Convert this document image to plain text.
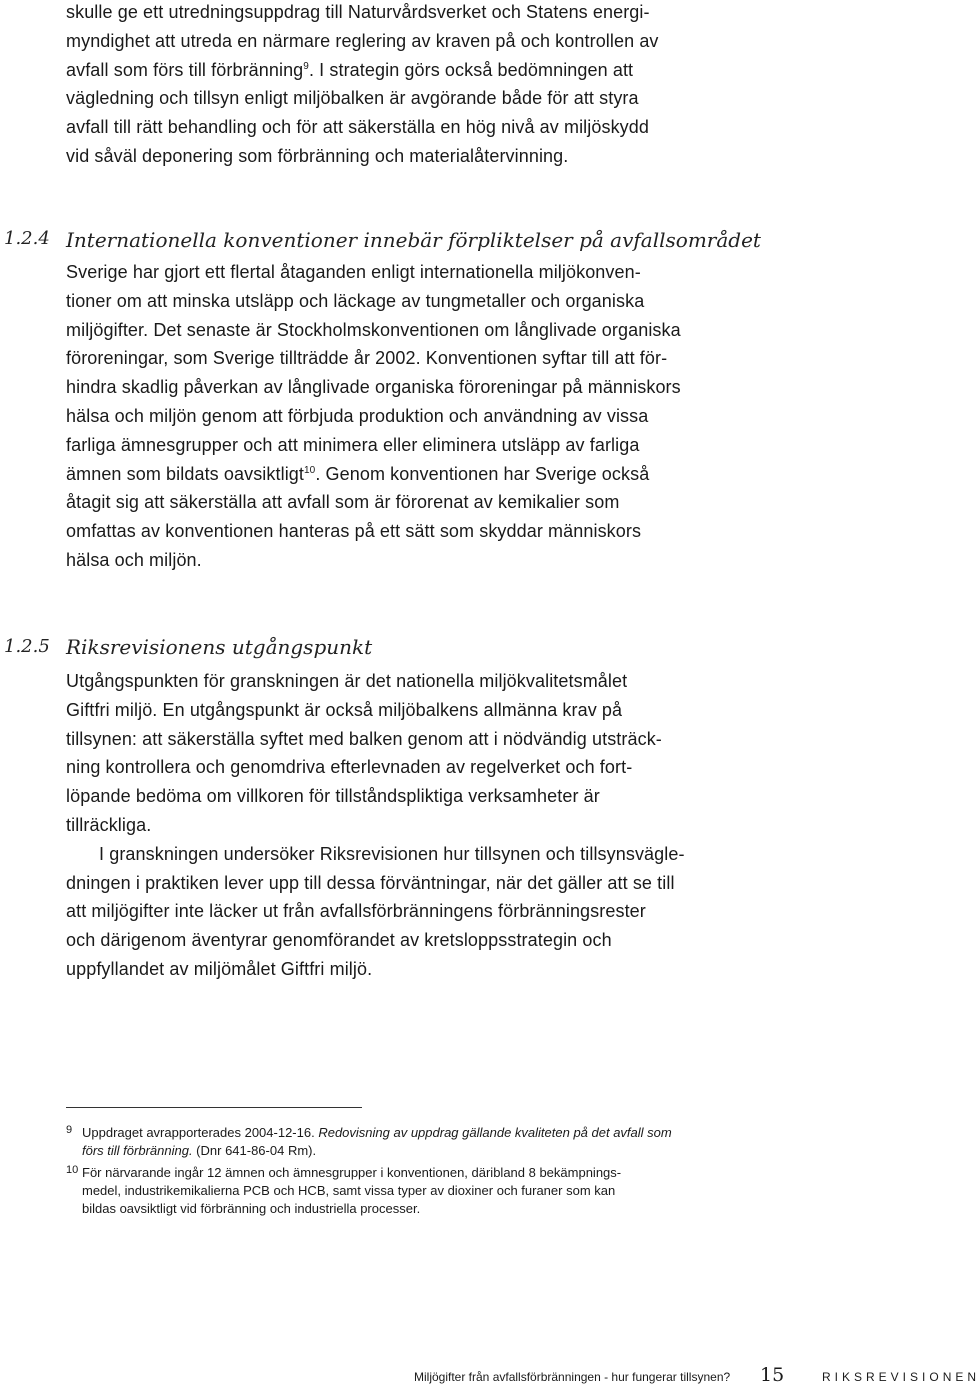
skulle ge ett utredningsuppdrag till Naturvårdsverket och Statens energi-
myndighet att utreda en närmare reglering av kraven på och kontrollen av
avfall som förs till förbränning$^9$. I strategin görs också bedömningen att
vägledning och tillsyn enligt miljöbalken är avgörande både för att styra
avfall till rätt behandling och för att säkerställa en hög nivå av miljöskydd
vid såväl deponering som förbränning och materialåtervinning.

1.2.4 Internationella konventioner innebär förpliktelser på avfallsområdet

Sverige har gjort ett flertal åtaganden enligt internationella miljökonven-
tioner om att minska utsläpp och läckage av tungmetaller och organiska
miljögifter. Det senaste är Stockholmskonventionen om långlivade organiska
föroreningar, som Sverige tillträdde år 2002. Konventionen syftar till att för-
hindra skadlig påverkan av långlivade organiska föroreningar på människors
hälsa och miljön genom att förbjuda produktion och användning av vissa
farliga ämnesgrupper och att minimera eller eliminera utsläpp av farliga
ämnen som bildats oavsiktligt$^{10}$. Genom konventionen har Sverige också
åtagit sig att säkerställa att avfall som är förorenat av kemikalier som
omfattas av konventionen hanteras på ett sätt som skyddar människors
hälsa och miljön.

1.2.5 Riksrevisionens utgångspunkt

Utgångspunkten för granskningen är det nationella miljökvalitetsmålet
Giftfri miljö. En utgångspunkt är också miljöbalkens allmänna krav på
tillsynen: att säkerställa syftet med balken genom att i nödvändig utsträck-
ning kontrollera och genomdriva efterlevnaden av regelverket och fort-
löpande bedöma om villkoren för tillståndspliktiga verksamheter är
tillräckliga.

I granskningen undersöker Riksrevisionen hur tillsynen och tillsynsvägle-
dningen i praktiken lever upp till dessa förväntningar, när det gäller att se till
att miljögifter inte läcker ut från avfallsförbränningens förbränningsrester
och därigenom äventyrar genomförandet av kretsloppsstrategin och
uppfyllandet av miljömålet Giftfri miljö.

9 Uppdraget avrapporterades 2004-12-16. Redovisning av uppdrag gällande kvaliteten på det avfall som
förs till förbränning. (Dnr 641-86-04 Rm).
10 För närvarande ingår 12 ämnen och ämnesgrupper i konventionen, däribland 8 bekämpnings-
medel, industrikemikalierna PCB och HCB, samt vissa typer av dioxiner och furaner som kan
bildas oavsiktligt vid förbränning och industriella processer.
Miljögifter från avfallsförbränningen - hur fungerar tillsynen? 15	RIKSREVISIONEN
